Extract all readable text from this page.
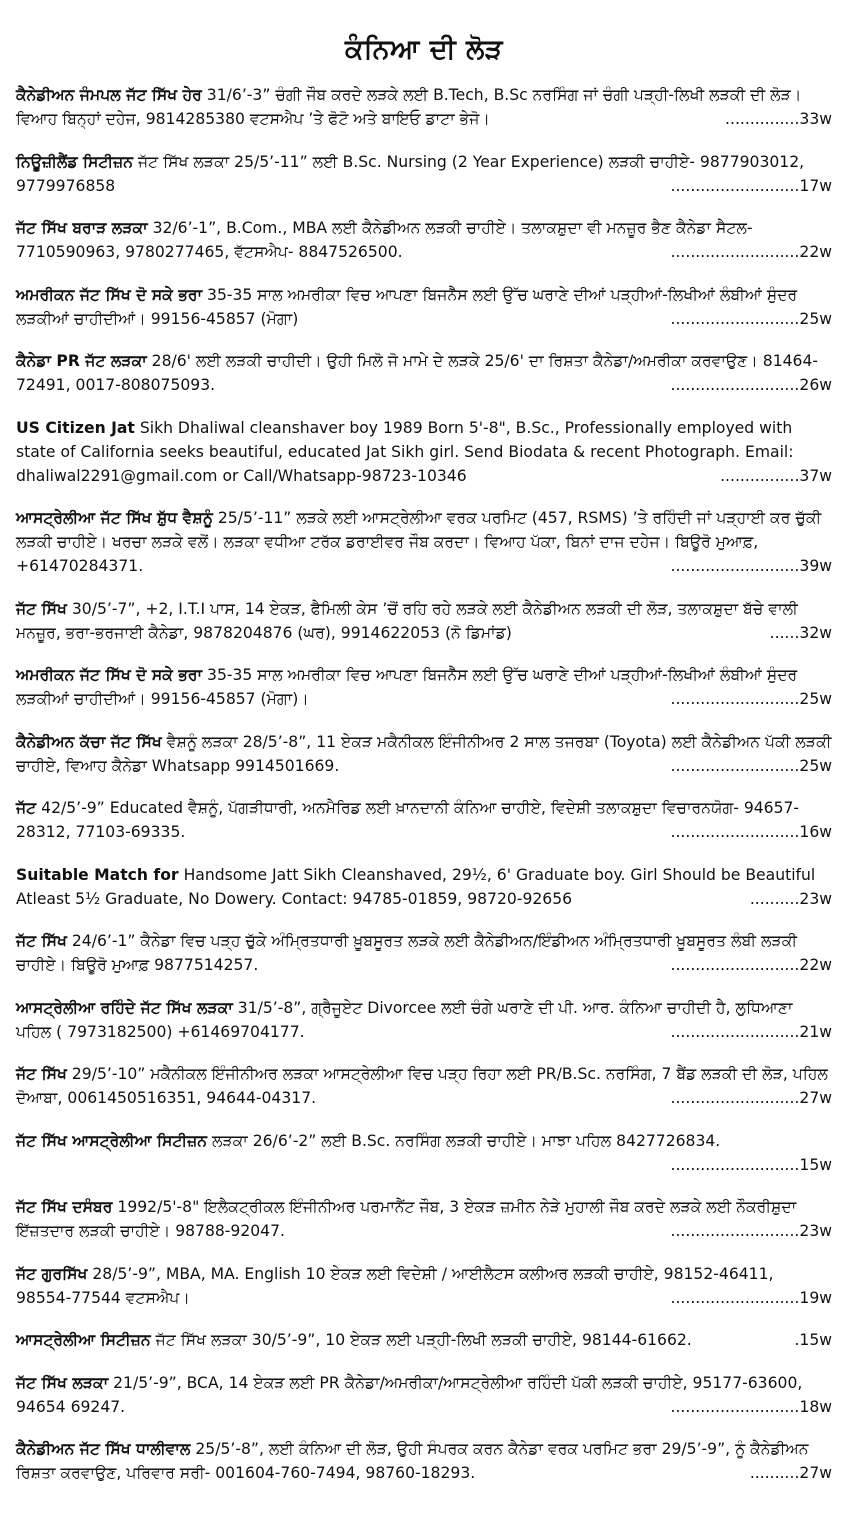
ਕੰਨਿਆ ਦੀ ਲੋੜ
ਕੈਨੇਡੀਅਨ ਜੰਮਪਲ ਜੱਟ ਸਿੱਖ ਹੇਰ 31/6’-3” ਚੰਗੀ ਜੌਬ ਕਰਦੇ ਲੜਕੇ ਲਈ B.Tech, B.Sc ਨਰਸਿੰਗ ਜਾਂ ਚੰਗੀ ਪੜ੍ਹੀ-ਲਿਖੀ ਲੜਕੀ ਦੀ ਲੋੜ। ਵਿਆਹ ਬਿਨ੍ਹਾਂ ਦਹੇਜ, 9814285380 ਵਟਸਐਪ ’ਤੇ ਫੋਟੋ ਅਤੇ ਬਾਇਓ ਡਾਟਾ ਭੇਜੋ।	...............33w
ਨਿਊਜ਼ੀਲੈਂਡ ਸਿਟੀਜ਼ਨ ਜੱਟ ਸਿੱਖ ਲੜਕਾ 25/5’-11” ਲਈ B.Sc. Nursing (2 Year Experience) ਲੜਕੀ ਚਾਹੀਏ- 9877903012, 9779976858	..........................17w
ਜੱਟ ਸਿੱਖ ਬਰਾੜ ਲੜਕਾ 32/6’-1”, B.Com., MBA ਲਈ ਕੈਨੇਡੀਅਨ ਲੜਕੀ ਚਾਹੀਏ। ਤਲਾਕਸ਼ੁਦਾ ਵੀ ਮਨਜ਼ੂਰ ਭੈਣ ਕੈਨੇਡਾ ਸੈਟਲ- 7710590963, 9780277465, ਵੱਟਸਐਪ- 8847526500.	..........................22w
ਅਮਰੀਕਨ ਜੱਟ ਸਿੱਖ ਦੋ ਸਕੇ ਭਰਾ 35-35 ਸਾਲ ਅਮਰੀਕਾ ਵਿਚ ਆਪਣਾ ਬਿਜਨੈੱਸ ਲਈ ਉੱਚ ਘਰਾਣੇ ਦੀਆਂ ਪੜ੍ਹੀਆਂ-ਲਿਖੀਆਂ ਲੰਬੀਆਂ ਸੁੰਦਰ ਲੜਕੀਆਂ ਚਾਹੀਦੀਆਂ। 99156-45857 (ਮੋਗਾ)	..........................25w
ਕੈਨੇਡਾ PR ਜੱਟ ਲੜਕਾ 28/6' ਲਈ ਲੜਕੀ ਚਾਹੀਦੀ। ਉਹੀ ਮਿਲੋ ਜੋ ਮਾਮੇ ਦੇ ਲੜਕੇ 25/6' ਦਾ ਰਿਸ਼ਤਾ ਕੈਨੇਡਾ/ਅਮਰੀਕਾ ਕਰਵਾਉਣ। 81464-72491, 0017-808075093.	..........................26w
US Citizen Jat Sikh Dhaliwal cleanshaver boy 1989 Born 5'-8", B.Sc., Professionally employed with state of California seeks beautiful, educated Jat Sikh girl. Send Biodata & recent Photograph. Email: dhaliwal2291@gmail.com or Call/Whatsapp-98723-10346	................37w
ਆਸਟ੍ਰੇਲੀਆ ਜੱਟ ਸਿੱਖ ਸ਼ੁੱਧ ਵੈਸ਼ਨੂੰ 25/5’-11” ਲੜਕੇ ਲਈ ਆਸਟ੍ਰੇਲੀਆ ਵਰਕ ਪਰਮਿਟ (457, RSMS) ’ਤੇ ਰਹਿੰਦੀ ਜਾਂ ਪੜ੍ਹਾਈ ਕਰ ਚੁੱਕੀ ਲੜਕੀ ਚਾਹੀਏ। ਖਰਚਾ ਲੜਕੇ ਵਲੋਂ। ਲੜਕਾ ਵਧੀਆ ਟਰੱਕ ਡਰਾਈਵਰ ਜੌਬ ਕਰਦਾ। ਵਿਆਹ ਪੱਕਾ, ਬਿਨਾਂ ਦਾਜ ਦਹੇਜ। ਬਿਊਰੋ ਮੁਆਫ਼, +61470284371.	..........................39w
ਜੱਟ ਸਿੱਖ 30/5’-7”, +2, I.T.I ਪਾਸ, 14 ਏਕੜ, ਫੈਮਿਲੀ ਕੇਸ ’ਚੋਂ ਰਹਿ ਰਹੇ ਲੜਕੇ ਲਈ ਕੈਨੇਡੀਅਨ ਲੜਕੀ ਦੀ ਲੋੜ, ਤਲਾਕਸ਼ੁਦਾ ਬੱਚੇ ਵਾਲੀ ਮਨਜ਼ੂਰ, ਭਰਾ-ਭਰਜਾਈ ਕੈਨੇਡਾ, 9878204876 (ਘਰ), 9914622053 (ਨੋ ਡਿਮਾਂਡ)	......32w
ਅਮਰੀਕਨ ਜੱਟ ਸਿੱਖ ਦੋ ਸਕੇ ਭਰਾ 35-35 ਸਾਲ ਅਮਰੀਕਾ ਵਿਚ ਆਪਣਾ ਬਿਜਨੈੱਸ ਲਈ ਉੱਚ ਘਰਾਣੇ ਦੀਆਂ ਪੜ੍ਹੀਆਂ-ਲਿਖੀਆਂ ਲੰਬੀਆਂ ਸੁੰਦਰ ਲੜਕੀਆਂ ਚਾਹੀਦੀਆਂ। 99156-45857 (ਮੋਗਾ)।	..........................25w
ਕੈਨੇਡੀਅਨ ਕੱਚਾ ਜੱਟ ਸਿੱਖ ਵੈਸ਼ਨੂੰ ਲੜਕਾ 28/5’-8”, 11 ਏਕੜ ਮਕੈਨੀਕਲ ਇੰਜੀਨੀਅਰ 2 ਸਾਲ ਤਜਰਬਾ (Toyota) ਲਈ ਕੈਨੇਡੀਅਨ ਪੱਕੀ ਲੜਕੀ ਚਾਹੀਏ, ਵਿਆਹ ਕੈਨੇਡਾ Whatsapp 9914501669.	..........................25w
ਜੱਟ 42/5’-9” Educated ਵੈਸ਼ਨੂੰ, ਪੱਗੜੀਧਾਰੀ, ਅਨਮੈਰਿਡ ਲਈ ਖ਼ਾਨਦਾਨੀ ਕੰਨਿਆ ਚਾਹੀਏ, ਵਿਦੇਸ਼ੀ ਤਲਾਕਸ਼ੁਦਾ ਵਿਚਾਰਨਯੋਗ- 94657-28312, 77103-69335.	..........................16w
Suitable Match for Handsome Jatt Sikh Cleanshaved, 29½, 6' Graduate boy. Girl Should be Beautiful Atleast 5½ Graduate, No Dowery. Contact: 94785-01859, 98720-92656	..........23w
ਜੱਟ ਸਿੱਖ 24/6’-1” ਕੈਨੇਡਾ ਵਿਚ ਪੜ੍ਹ ਚੁੱਕੇ ਅੰਮ੍ਰਿਤਧਾਰੀ ਖ਼ੂਬਸੂਰਤ ਲੜਕੇ ਲਈ ਕੈਨੇਡੀਅਨ/ਇੰਡੀਅਨ ਅੰਮ੍ਰਿਤਧਾਰੀ ਖ਼ੂਬਸੂਰਤ ਲੰਬੀ ਲੜਕੀ ਚਾਹੀਏ। ਬਿਊਰੋ ਮੁਆਫ਼ 9877514257.	..........................22w
ਆਸਟ੍ਰੇਲੀਆ ਰਹਿੰਦੇ ਜੱਟ ਸਿੱਖ ਲੜਕਾ 31/5’-8”, ਗ੍ਰੈਜੂਏਟ Divorcee ਲਈ ਚੰਗੇ ਘਰਾਣੇ ਦੀ ਪੀ. ਆਰ. ਕੰਨਿਆ ਚਾਹੀਦੀ ਹੈ, ਲੁਧਿਆਣਾ ਪਹਿਲ ( 7973182500) +61469704177.	..........................21w
ਜੱਟ ਸਿੱਖ 29/5’-10” ਮਕੈਨੀਕਲ ਇੰਜੀਨੀਅਰ ਲੜਕਾ ਆਸਟ੍ਰੇਲੀਆ ਵਿਚ ਪੜ੍ਹ ਰਿਹਾ ਲਈ PR/B.Sc. ਨਰਸਿੰਗ, 7 ਬੈਂਡ ਲੜਕੀ ਦੀ ਲੋੜ, ਪਹਿਲ ਦੋਆਬਾ, 0061450516351, 94644-04317.	..........................27w
ਜੱਟ ਸਿੱਖ ਆਸਟ੍ਰੇਲੀਆ ਸਿਟੀਜ਼ਨ ਲੜਕਾ 26/6’-2” ਲਈ B.Sc. ਨਰਸਿੰਗ ਲੜਕੀ ਚਾਹੀਏ। ਮਾਝਾ ਪਹਿਲ 8427726834.
..........................15w
ਜੱਟ ਸਿੱਖ ਦਸੰਬਰ 1992/5'-8" ਇਲੈਕਟ੍ਰੀਕਲ ਇੰਜੀਨੀਅਰ ਪਰਮਾਨੈਂਟ ਜੌਬ, 3 ਏਕੜ ਜ਼ਮੀਨ ਨੇੜੇ ਮੁਹਾਲੀ ਜੌਬ ਕਰਦੇ ਲੜਕੇ ਲਈ ਨੌਕਰੀਸ਼ੁਦਾ ਇੱਜ਼ਤਦਾਰ ਲੜਕੀ ਚਾਹੀਏ। 98788-92047.	..........................23w
ਜੱਟ ਗੁਰਸਿੱਖ 28/5’-9”, MBA, MA. English 10 ਏਕੜ ਲਈ ਵਿਦੇਸ਼ੀ / ਆਈਲੈਟਸ ਕਲੀਅਰ ਲੜਕੀ ਚਾਹੀਏ, 98152-46411, 98554-77544 ਵਟਸਐਪ।	..........................19w
ਆਸਟ੍ਰੇਲੀਆ ਸਿਟੀਜ਼ਨ ਜੱਟ ਸਿੱਖ ਲੜਕਾ 30/5’-9”, 10 ਏਕੜ ਲਈ ਪੜ੍ਹੀ-ਲਿਖੀ ਲੜਕੀ ਚਾਹੀਏ, 98144-61662.	.15w
ਜੱਟ ਸਿੱਖ ਲੜਕਾ 21/5’-9”, BCA, 14 ਏਕੜ ਲਈ PR ਕੈਨੇਡਾ/ਅਮਰੀਕਾ/ਆਸਟ੍ਰੇਲੀਆ ਰਹਿੰਦੀ ਪੱਕੀ ਲੜਕੀ ਚਾਹੀਏ, 95177-63600, 94654 69247.	..........................18w
ਕੈਨੇਡੀਅਨ ਜੱਟ ਸਿੱਖ ਧਾਲੀਵਾਲ 25/5’-8”, ਲਈ ਕੰਨਿਆ ਦੀ ਲੋੜ, ਉਹੀ ਸੰਪਰਕ ਕਰਨ ਕੈਨੇਡਾ ਵਰਕ ਪਰਮਿਟ ਭਰਾ 29/5’-9”, ਨੂੰ ਕੈਨੇਡੀਅਨ ਰਿਸ਼ਤਾ ਕਰਵਾਉਣ, ਪਰਿਵਾਰ ਸਰੀ- 001604-760-7494, 98760-18293.	..........27w
